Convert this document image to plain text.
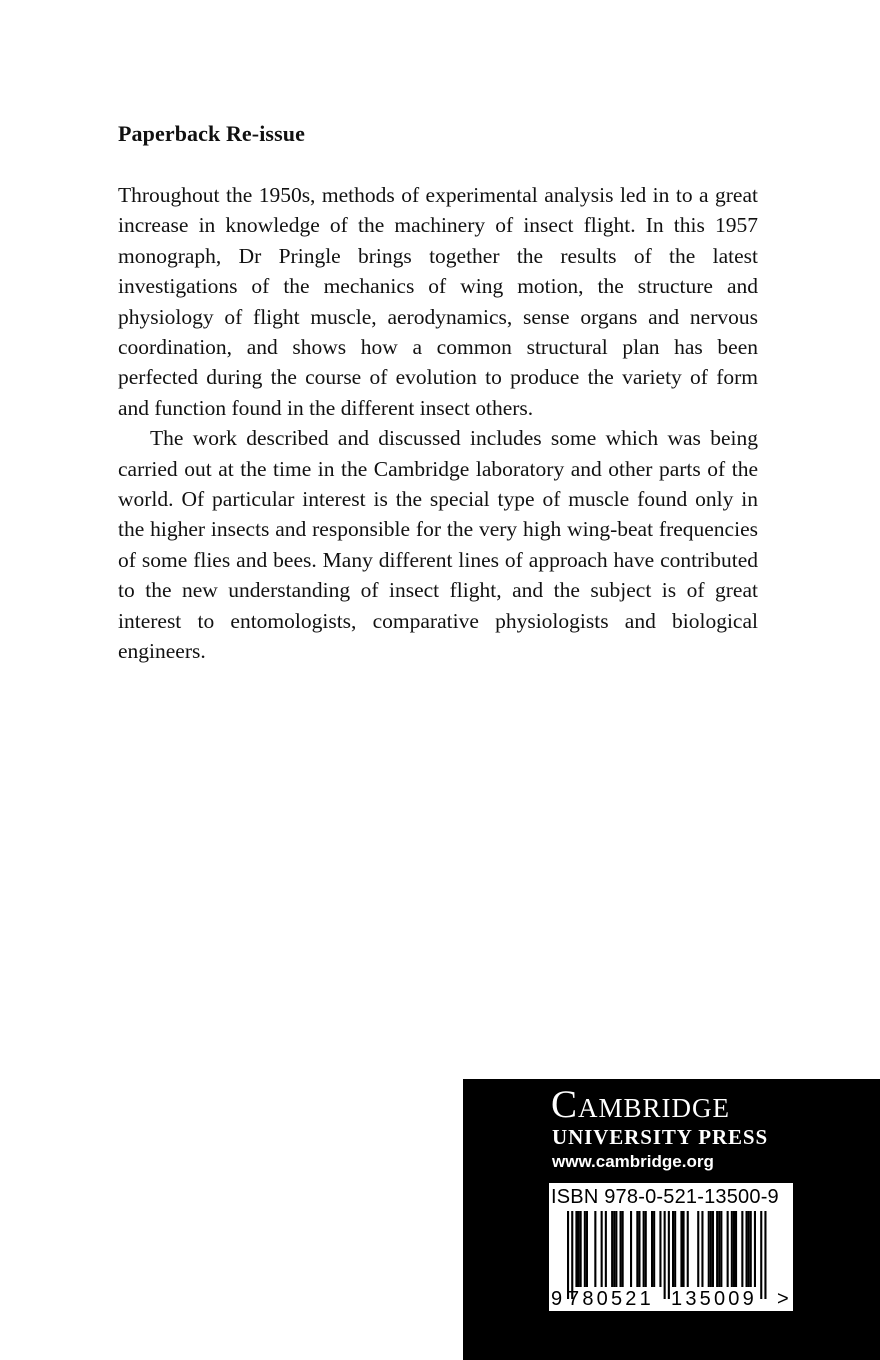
Paperback Re-issue

Throughout the 1950s, methods of experimental analysis led in to a great increase in knowledge of the machinery of insect flight. In this 1957 monograph, Dr Pringle brings together the results of the latest investigations of the mechanics of wing motion, the structure and physiology of flight muscle, aerodynamics, sense organs and nervous coordination, and shows how a common structural plan has been perfected during the course of evolution to produce the variety of form and function found in the different insect others.

The work described and discussed includes some which was being carried out at the time in the Cambridge laboratory and other parts of the world. Of particular interest is the special type of muscle found only in the higher insects and responsible for the very high wing-beat frequencies of some flies and bees. Many different lines of approach have contributed to the new understanding of insect flight, and the subject is of great interest to entomologists, comparative physiologists and biological engineers.

Cambridge
UNIVERSITY PRESS
www.cambridge.org
ISBN 978-0-521-13500-9
9 780521 135009 >
